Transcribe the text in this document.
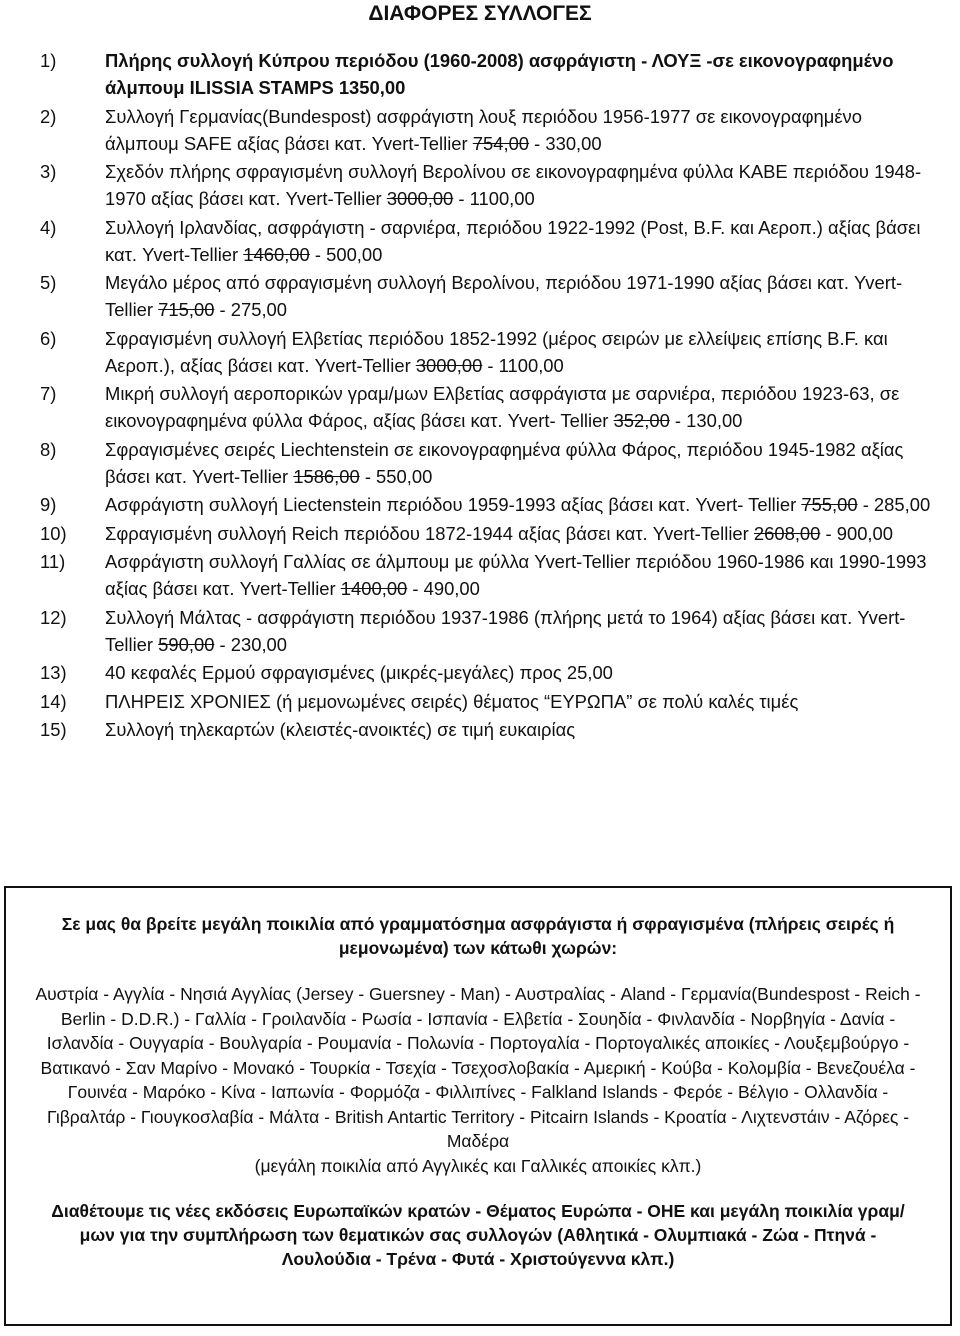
ΔΙΑΦΟΡΕΣ ΣΥΛΛΟΓΕΣ
1)	Πλήρης συλλογή Κύπρου περιόδου (1960-2008) ασφράγιστη - ΛΟΥΞ -σε εικονογραφημένο άλμπουμ ILISSIA STAMPS 1350,00
2)	Συλλογή Γερμανίας(Bundespost) ασφράγιστη λουξ περιόδου 1956-1977 σε εικονογραφημένο άλμπουμ SAFE αξίας βάσει κατ. Yvert-Tellier 754,00 - 330,00
3)	Σχεδόν πλήρης σφραγισμένη συλλογή Βερολίνου σε εικονογραφημένα φύλλα ΚΑΒΕ περιόδου 1948-1970 αξίας βάσει κατ. Yvert-Tellier 3000,00 - 1100,00
4)	Συλλογή Ιρλανδίας, ασφράγιστη - σαρνιέρα, περιόδου 1922-1992 (Post, B.F. και Αεροπ.) αξίας βάσει κατ. Yvert-Tellier 1460,00 - 500,00
5)	Μεγάλο μέρος από σφραγισμένη συλλογή Βερολίνου, περιόδου 1971-1990 αξίας βάσει κατ. Yvert-Tellier 715,00 - 275,00
6)	Σφραγισμένη συλλογή Ελβετίας περιόδου 1852-1992 (μέρος σειρών με ελλείψεις επίσης B.F. και Αεροπ.), αξίας βάσει κατ. Yvert-Tellier 3000,00 - 1100,00
7)	Μικρή συλλογή αεροπορικών γραμ/μων Ελβετίας ασφράγιστα με σαρνιέρα, περιόδου 1923-63, σε εικονογραφημένα φύλλα Φάρος, αξίας βάσει κατ. Yvert- Tellier 352,00 - 130,00
8)	Σφραγισμένες σειρές Liechtenstein σε εικονογραφημένα φύλλα Φάρος, περιόδου 1945-1982 αξίας βάσει κατ. Yvert-Tellier 1586,00 - 550,00
9)	Ασφράγιστη συλλογή Liectenstein περιόδου 1959-1993 αξίας βάσει κατ. Yvert- Tellier 755,00 - 285,00
10) Σφραγισμένη συλλογή Reich περιόδου 1872-1944 αξίας βάσει κατ. Yvert-Tellier 2608,00 - 900,00
11) Ασφράγιστη συλλογή Γαλλίας σε άλμπουμ με φύλλα Yvert-Tellier περιόδου 1960-1986 και 1990-1993 αξίας βάσει κατ. Yvert-Tellier 1400,00 - 490,00
12) Συλλογή Μάλτας - ασφράγιστη περιόδου 1937-1986 (πλήρης μετά το 1964) αξίας βάσει κατ. Yvert-Tellier 590,00 - 230,00
13) 40 κεφαλές Ερμού σφραγισμένες (μικρές-μεγάλες) προς 25,00
14) ΠΛΗΡΕΙΣ ΧΡΟΝΙΕΣ (ή μεμονωμένες σειρές) θέματος “ΕΥΡΩΠΑ” σε πολύ καλές τιμές
15) Συλλογή τηλεκαρτών (κλειστές-ανοικτές) σε τιμή ευκαιρίας
Σε μας θα βρείτε μεγάλη ποικιλία από γραμματόσημα ασφράγιστα ή σφραγισμένα (πλήρεις σειρές ή μεμονωμένα) των κάτωθι χωρών:
Αυστρία - Αγγλία - Νησιά Αγγλίας (Jersey - Guersney - Man) - Αυστραλίας - Aland - Γερμανία(Bundespost - Reich - Berlin - D.D.R.) - Γαλλία - Γροιλανδία - Ρωσία - Ισπανία - Ελβετία - Σουηδία - Φινλανδία - Νορβηγία - Δανία - Ισλανδία - Ουγγαρία - Βουλγαρία - Ρουμανία - Πολωνία - Πορτογαλία - Πορτογαλικές αποικίες - Λουξεμβούργο - Βατικανό - Σαν Μαρίνο - Μονακό - Τουρκία - Τσεχία - Τσεχοσλοβακία - Αμερική - Κούβα - Κολομβία - Βενεζουέλα - Γουινέα - Μαρόκο - Κίνα - Ιαπωνία - Φορμόζα - Φιλλιπίνες - Falkland Islands - Φερόε - Βέλγιο - Ολλανδία - Γιβραλτάρ - Γιουγκοσλαβία - Μάλτα - British Antartic Territory - Pitcairn Islands - Κροατία - Λιχτενστάιν - Αζόρες - Μαδέρα
(μεγάλη ποικιλία από Αγγλικές και Γαλλικές αποικίες κλπ.)
Διαθέτουμε τις νέες εκδόσεις Ευρωπαϊκών κρατών - Θέματος Ευρώπα - ΟΗΕ και μεγάλη ποικιλία γραμ/μων για την συμπλήρωση των θεματικών σας συλλογών (Αθλητικά - Ολυμπιακά - Ζώα - Πτηνά - Λουλούδια - Τρένα - Φυτά - Χριστούγεννα κλπ.)
